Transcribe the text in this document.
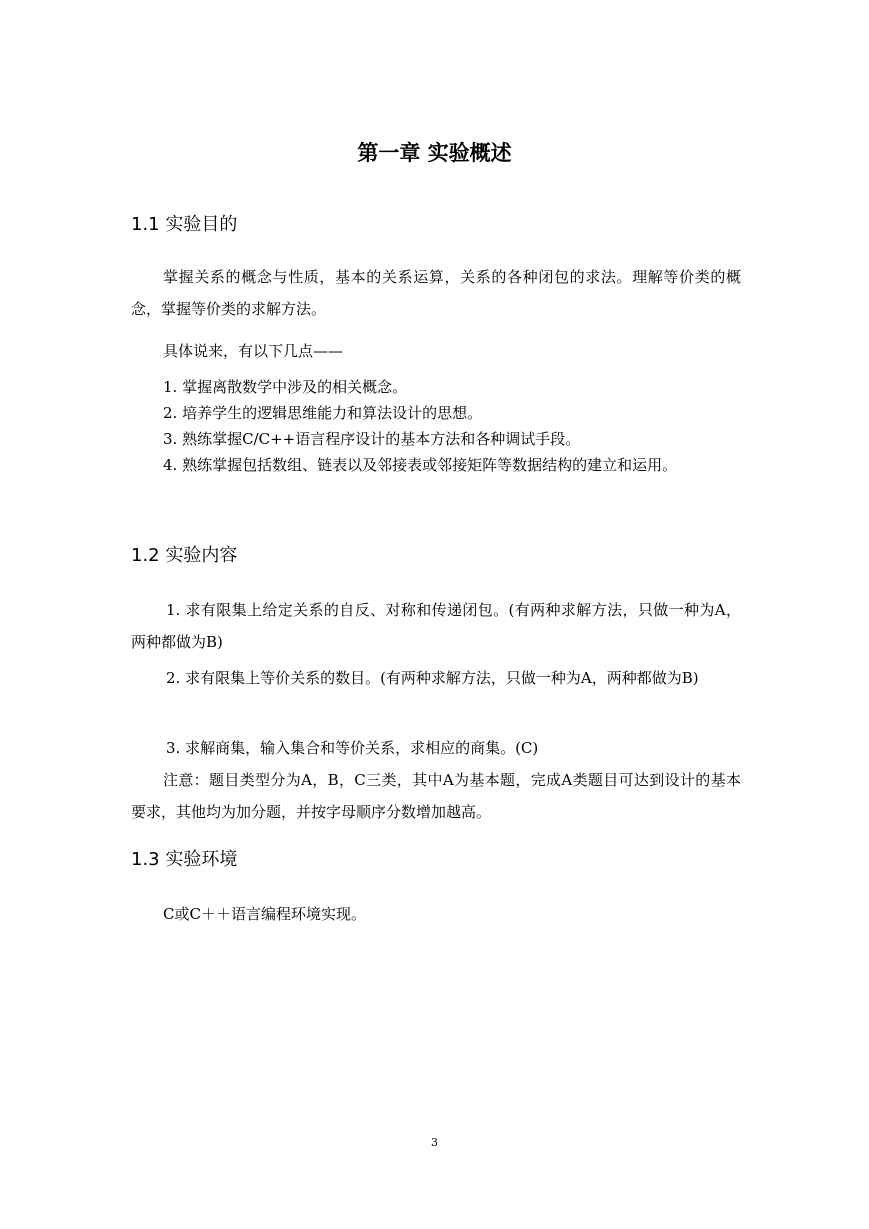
第一章 实验概述
1.1 实验目的

掌握关系的概念与性质，基本的关系运算，关系的各种闭包的求法。理解等价类的概念，掌握等价类的求解方法。

具体说来，有以下几点——

1. 掌握离散数学中涉及的相关概念。
2. 培养学生的逻辑思维能力和算法设计的思想。
3. 熟练掌握C/C++语言程序设计的基本方法和各种调试手段。
4. 熟练掌握包括数组、链表以及邻接表或邻接矩阵等数据结构的建立和运用。
1.2 实验内容

1. 求有限集上给定关系的自反、对称和传递闭包。(有两种求解方法，只做一种为A，两种都做为B)

2. 求有限集上等价关系的数目。(有两种求解方法，只做一种为A，两种都做为B)

3. 求解商集，输入集合和等价关系，求相应的商集。(C)

注意：题目类型分为A，B，C三类，其中A为基本题，完成A类题目可达到设计的基本要求，其他均为加分题，并按字母顺序分数增加越高。

1.3 实验环境

C或C＋＋语言编程环境实现。

3
